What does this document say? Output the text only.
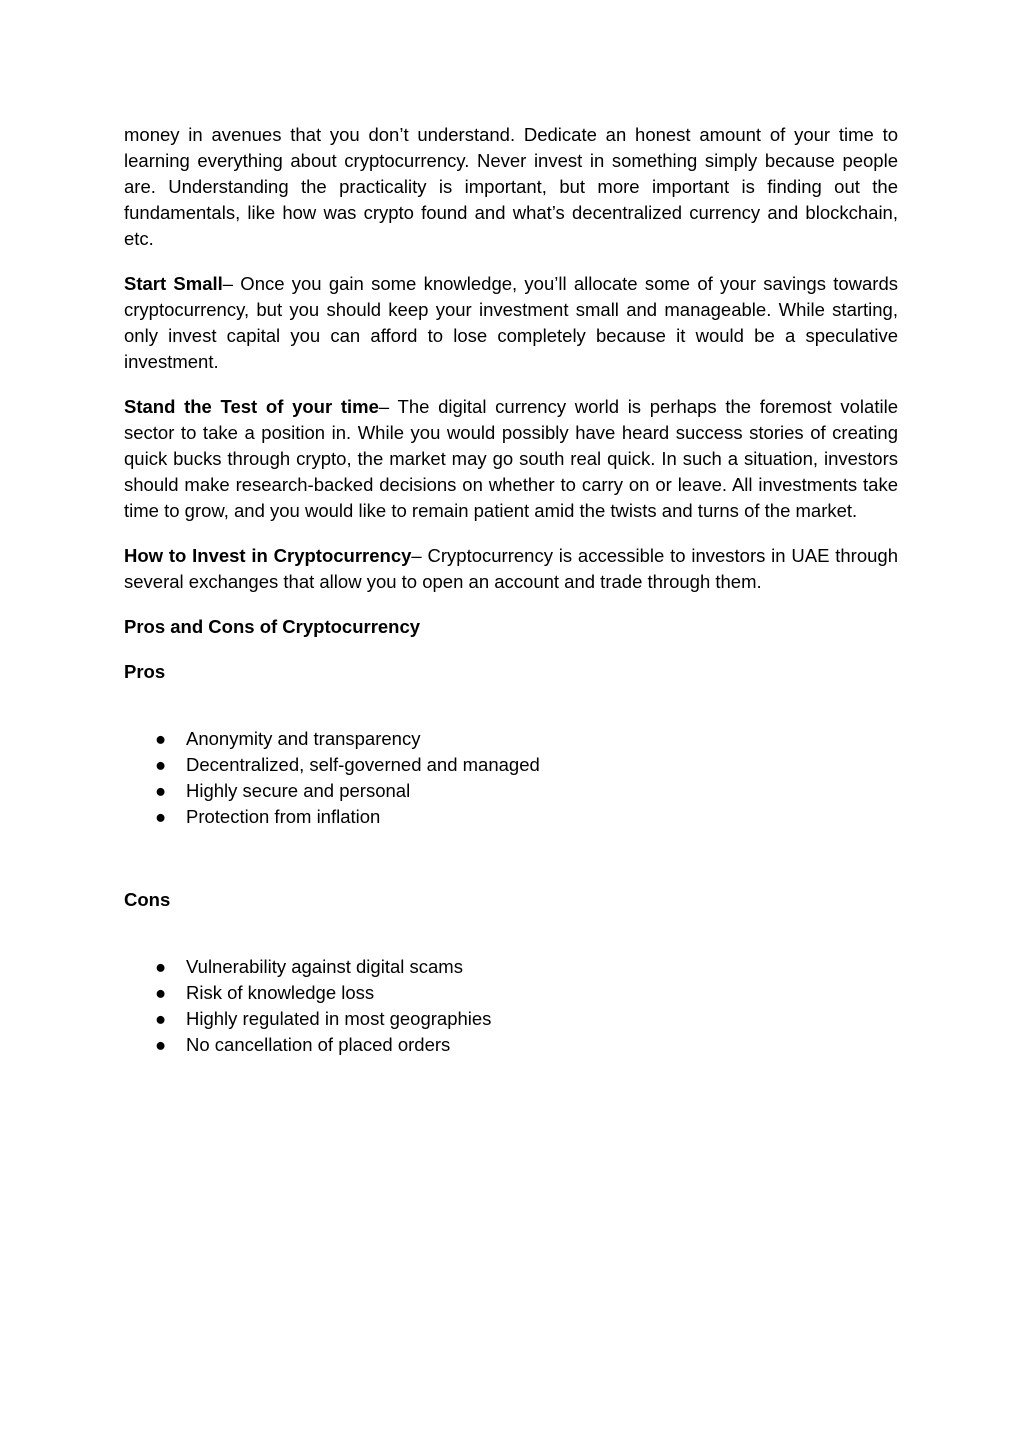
money in avenues that you don’t understand. Dedicate an honest amount of your time to learning everything about cryptocurrency. Never invest in something simply because people are. Understanding the practicality is important, but more important is finding out the fundamentals, like how was crypto found and what’s decentralized currency and blockchain, etc.

Start Small– Once you gain some knowledge, you’ll allocate some of your savings towards cryptocurrency, but you should keep your investment small and manageable. While starting, only invest capital you can afford to lose completely because it would be a speculative investment.

Stand the Test of your time– The digital currency world is perhaps the foremost volatile sector to take a position in. While you would possibly have heard success stories of creating quick bucks through crypto, the market may go south real quick. In such a situation, investors should make research-backed decisions on whether to carry on or leave. All investments take time to grow, and you would like to remain patient amid the twists and turns of the market.

How to Invest in Cryptocurrency– Cryptocurrency is accessible to investors in UAE through several exchanges that allow you to open an account and trade through them.

Pros and Cons of Cryptocurrency
Pros
● Anonymity and transparency
● Decentralized, self-governed and managed
● Highly secure and personal
● Protection from inflation
Cons
● Vulnerability against digital scams
● Risk of knowledge loss
● Highly regulated in most geographies
● No cancellation of placed orders
